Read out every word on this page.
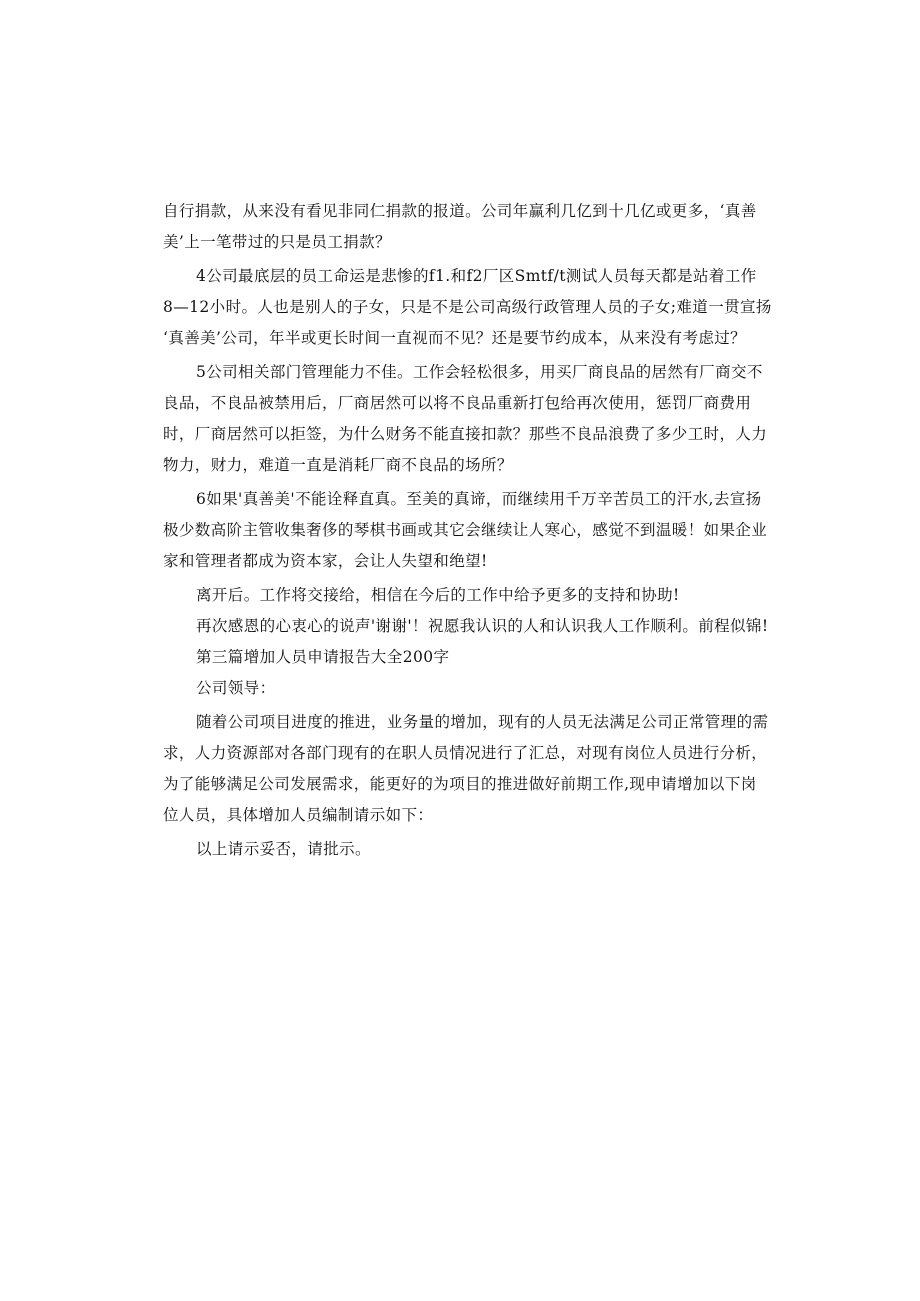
自行捐款，从来没有看见非同仁捐款的报道。公司年赢利几亿到十几亿或更多，‘真善
美’上一笔带过的只是员工捐款？
4公司最底层的员工命运是悲惨的f1.和f2厂区Smtf/t测试人员每天都是站着工作
8—12小时。人也是别人的子女，只是不是公司高级行政管理人员的子女;难道一贯宣扬
‘真善美’公司，年半或更长时间一直视而不见？还是要节约成本，从来没有考虑过？
5公司相关部门管理能力不佳。工作会轻松很多，用买厂商良品的居然有厂商交不
良品，不良品被禁用后，厂商居然可以将不良品重新打包给再次使用，惩罚厂商费用
时，厂商居然可以拒签，为什么财务不能直接扣款？那些不良品浪费了多少工时，人力
物力，财力，难道一直是消耗厂商不良品的场所？
6如果'真善美'不能诠释直真。至美的真谛，而继续用千万辛苦员工的汗水,去宣扬
极少数高阶主管收集奢侈的琴棋书画或其它会继续让人寒心，感觉不到温暖！如果企业
家和管理者都成为资本家，会让人失望和绝望!
离开后。工作将交接给，相信在今后的工作中给予更多的支持和协助!
再次感恩的心衷心的说声'谢谢'！祝愿我认识的人和认识我人工作顺利。前程似锦!
第三篇增加人员申请报告大全200字
公司领导：
随着公司项目进度的推进，业务量的增加，现有的人员无法满足公司正常管理的需
求，人力资源部对各部门现有的在职人员情况进行了汇总，对现有岗位人员进行分析，
为了能够满足公司发展需求，能更好的为项目的推进做好前期工作,现申请增加以下岗
位人员，具体增加人员编制请示如下：
以上请示妥否，请批示。
